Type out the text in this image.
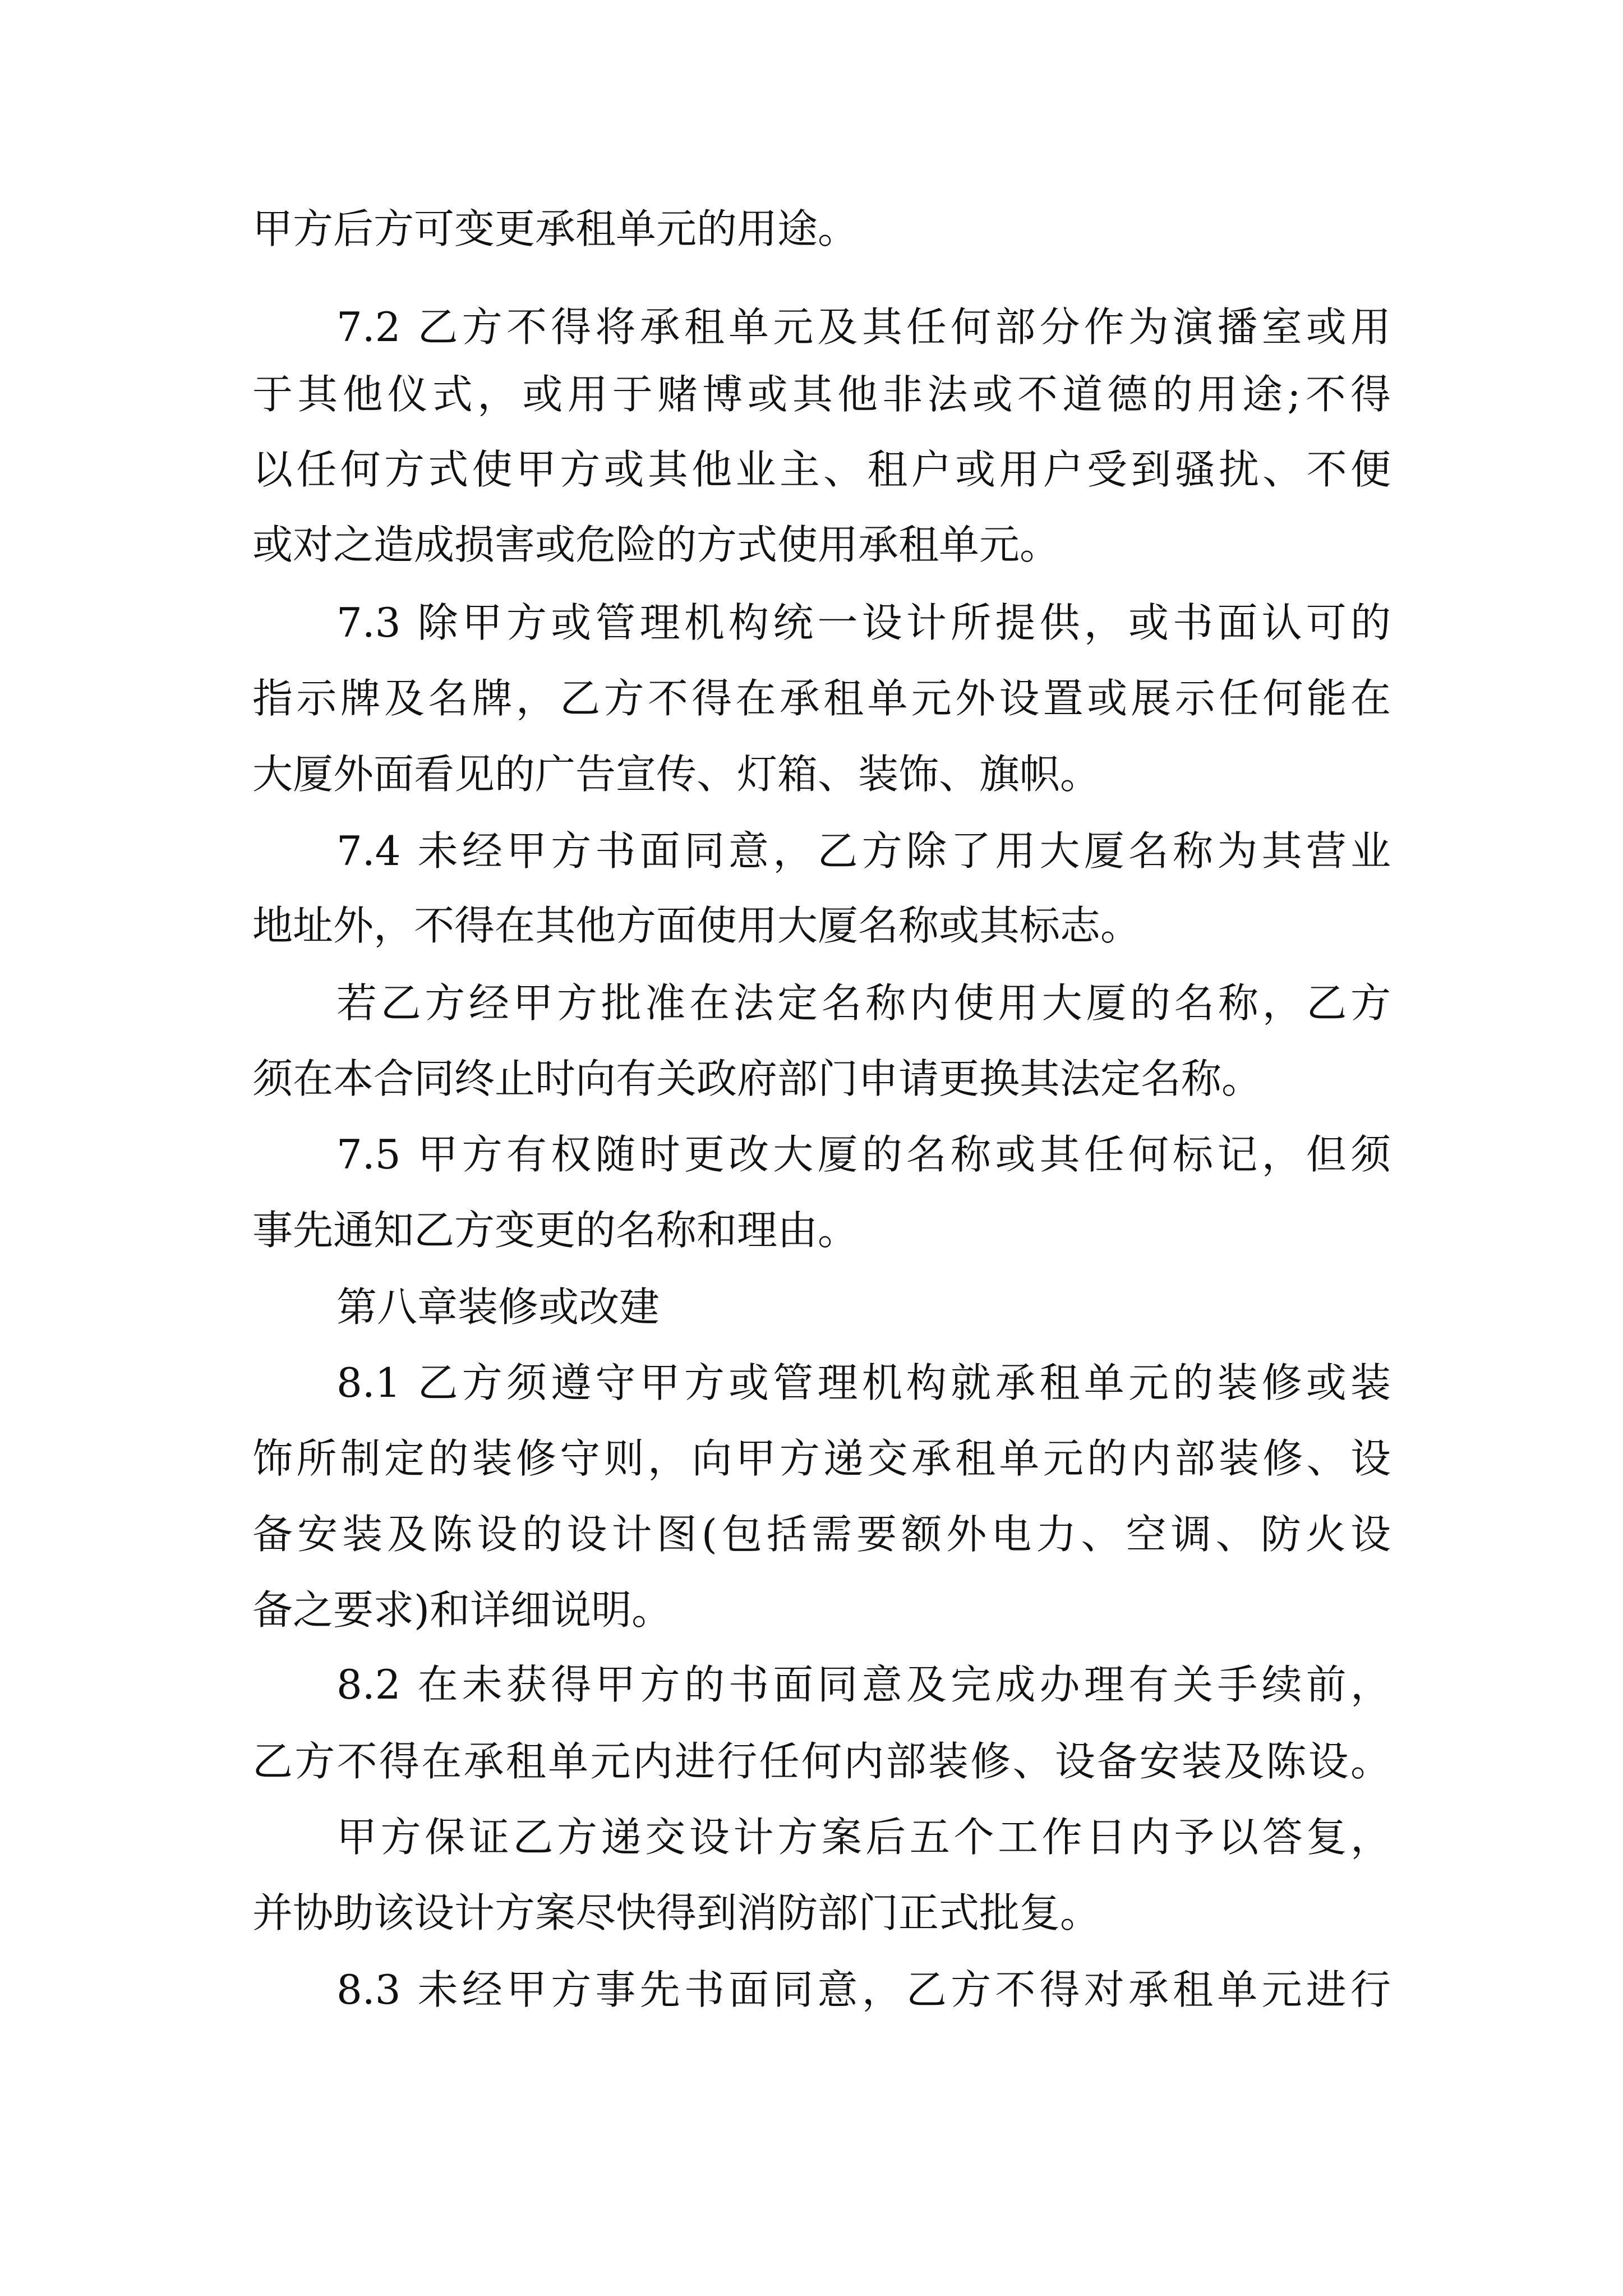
甲方后方可变更承租单元的用途。
7.2 乙方不得将承租单元及其任何部分作为演播室或用
于其他仪式，或用于赌博或其他非法或不道德的用途;不得
以任何方式使甲方或其他业主、租户或用户受到骚扰、不便
或对之造成损害或危险的方式使用承租单元。
7.3 除甲方或管理机构统一设计所提供，或书面认可的
指示牌及名牌，乙方不得在承租单元外设置或展示任何能在
大厦外面看见的广告宣传、灯箱、装饰、旗帜。
7.4 未经甲方书面同意，乙方除了用大厦名称为其营业
地址外，不得在其他方面使用大厦名称或其标志。
若乙方经甲方批准在法定名称内使用大厦的名称，乙方
须在本合同终止时向有关政府部门申请更换其法定名称。
7.5 甲方有权随时更改大厦的名称或其任何标记，但须
事先通知乙方变更的名称和理由。
第八章装修或改建
8.1 乙方须遵守甲方或管理机构就承租单元的装修或装
饰所制定的装修守则，向甲方递交承租单元的内部装修、设
备安装及陈设的设计图(包括需要额外电力、空调、防火设
备之要求)和详细说明。
8.2 在未获得甲方的书面同意及完成办理有关手续前，
乙方不得在承租单元内进行任何内部装修、设备安装及陈设。
甲方保证乙方递交设计方案后五个工作日内予以答复，
并协助该设计方案尽快得到消防部门正式批复。
8.3 未经甲方事先书面同意，乙方不得对承租单元进行
